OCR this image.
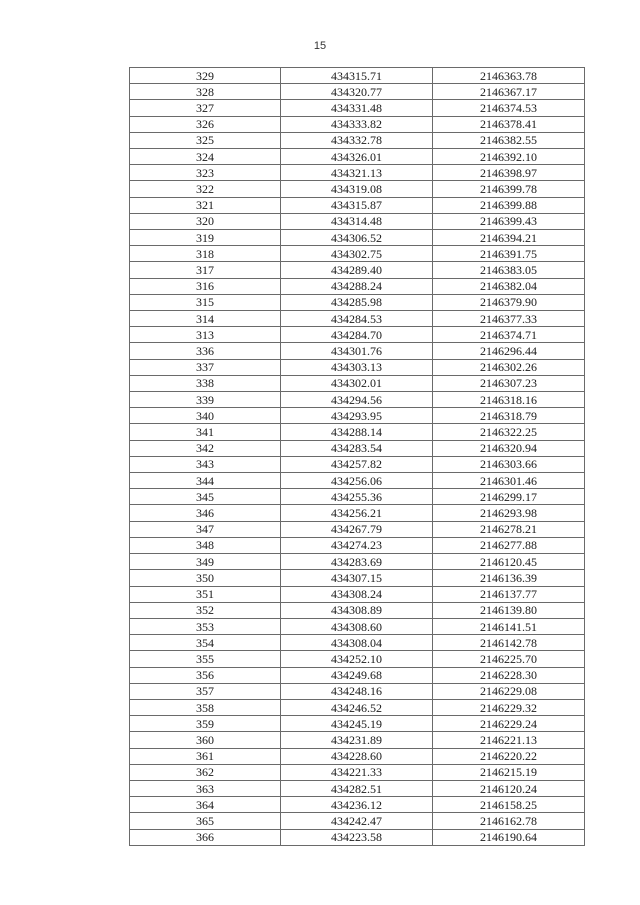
15
329	434315.71	2146363.78
328	434320.77	2146367.17
327	434331.48	2146374.53
326	434333.82	2146378.41
325	434332.78	2146382.55
324	434326.01	2146392.10
323	434321.13	2146398.97
322	434319.08	2146399.78
321	434315.87	2146399.88
320	434314.48	2146399.43
319	434306.52	2146394.21
318	434302.75	2146391.75
317	434289.40	2146383.05
316	434288.24	2146382.04
315	434285.98	2146379.90
314	434284.53	2146377.33
313	434284.70	2146374.71
336	434301.76	2146296.44
337	434303.13	2146302.26
338	434302.01	2146307.23
339	434294.56	2146318.16
340	434293.95	2146318.79
341	434288.14	2146322.25
342	434283.54	2146320.94
343	434257.82	2146303.66
344	434256.06	2146301.46
345	434255.36	2146299.17
346	434256.21	2146293.98
347	434267.79	2146278.21
348	434274.23	2146277.88
349	434283.69	2146120.45
350	434307.15	2146136.39
351	434308.24	2146137.77
352	434308.89	2146139.80
353	434308.60	2146141.51
354	434308.04	2146142.78
355	434252.10	2146225.70
356	434249.68	2146228.30
357	434248.16	2146229.08
358	434246.52	2146229.32
359	434245.19	2146229.24
360	434231.89	2146221.13
361	434228.60	2146220.22
362	434221.33	2146215.19
363	434282.51	2146120.24
364	434236.12	2146158.25
365	434242.47	2146162.78
366	434223.58	2146190.64
